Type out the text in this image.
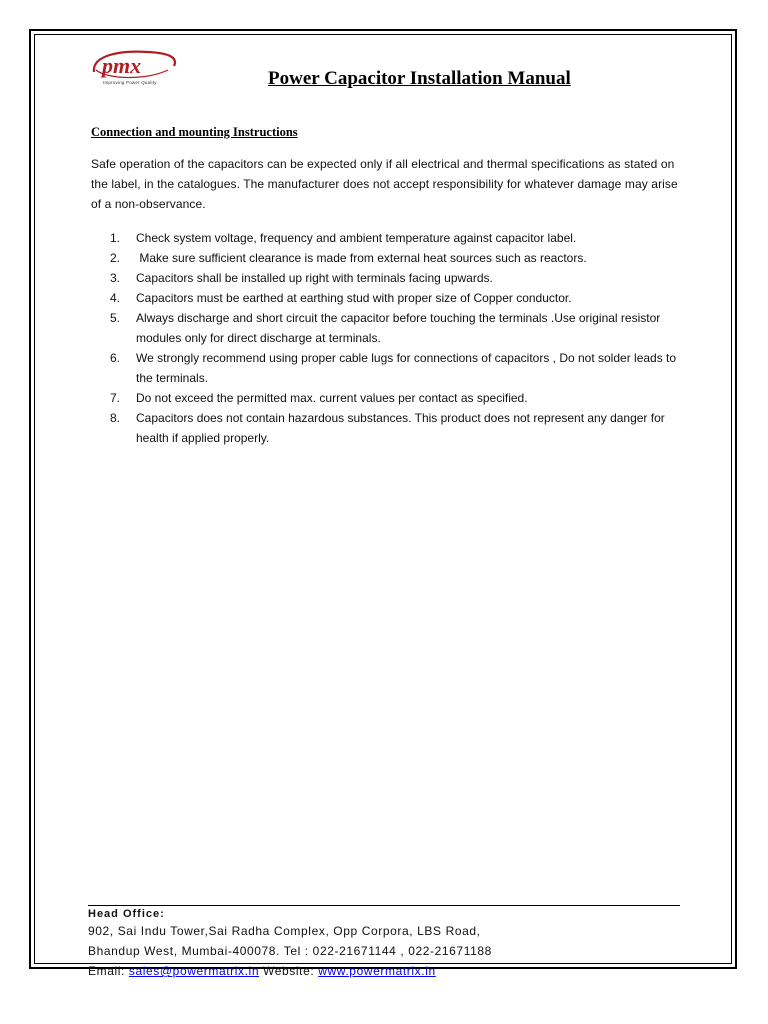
pmx
Improving Power Quality	Power Capacitor Installation Manual
Connection and mounting Instructions

Safe operation of the capacitors can be expected only if all electrical and thermal specifications as stated on the label, in the catalogues. The manufacturer does not accept responsibility for whatever damage may arise of a non-observance.

1.	Check system voltage, frequency and ambient temperature against capacitor label.
2.	Make sure sufficient clearance is made from external heat sources such as reactors.
3.	Capacitors shall be installed up right with terminals facing upwards.
4.	Capacitors must be earthed at earthing stud with proper size of Copper conductor.
5.	Always discharge and short circuit the capacitor before touching the terminals .Use original resistor modules only for direct discharge at terminals.
6.	We strongly recommend using proper cable lugs for connections of capacitors , Do not solder leads to the terminals.
7.	Do not exceed the permitted max. current values per contact as specified.
8.	Capacitors does not contain hazardous substances. This product does not represent any danger for health if applied properly.
Head Office:
902, Sai Indu Tower,Sai Radha Complex, Opp Corpora, LBS Road,
Bhandup West, Mumbai-400078. Tel : 022-21671144 , 022-21671188
Email: sales@powermatrix.in Website: www.powermatrix.in
